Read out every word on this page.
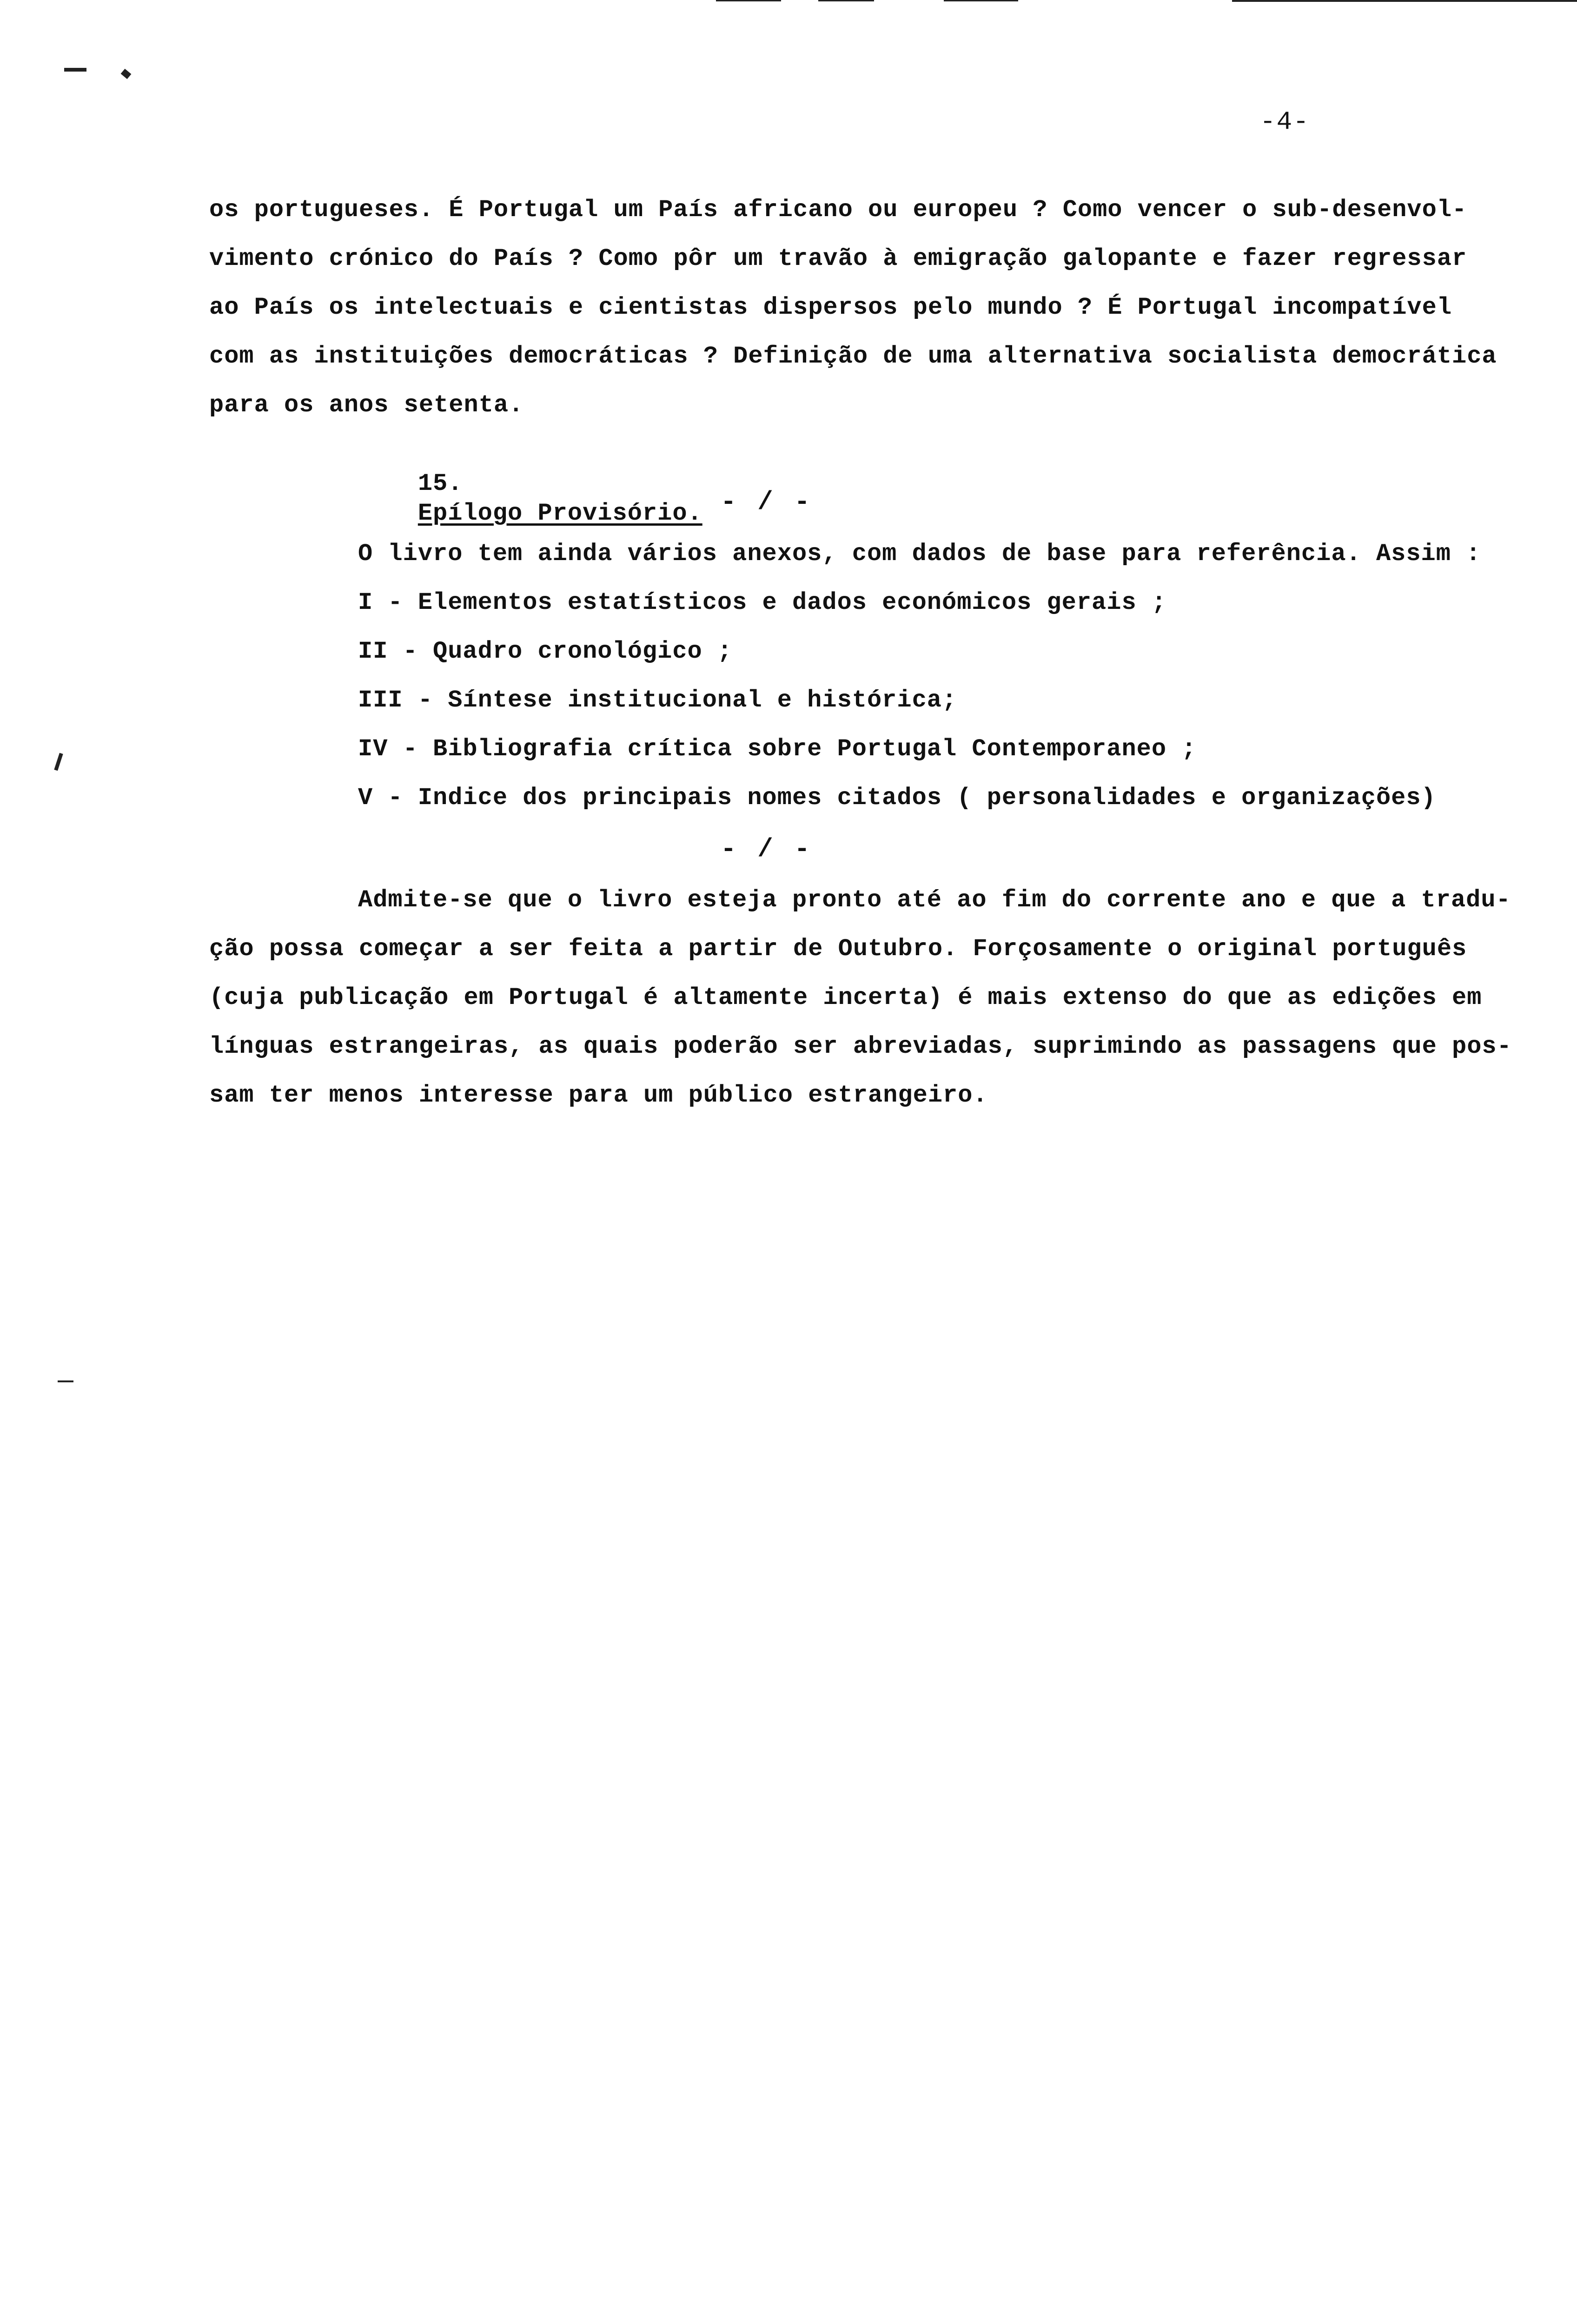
-4-
os portugueses. É Portugal um País africano ou europeu ? Como vencer o sub-desenvol-
vimento crónico do País ? Como pôr um travão à emigração galopante e fazer regressar
ao País os intelectuais e cientistas dispersos pelo mundo ? É Portugal incompatível
com as instituições democráticas ? Definição de uma alternativa socialista democrática
para os anos setenta.

15.
Epílogo Provisório.
- / -
O livro tem ainda vários anexos, com dados de base para referência. Assim :
I - Elementos estatísticos e dados económicos gerais ;
II - Quadro cronológico ;
III - Síntese institucional e histórica;
IV - Bibliografia crítica sobre Portugal Contemporaneo ;
V - Indice dos principais nomes citados ( personalidades e organizações)
- / -
Admite-se que o livro esteja pronto até ao fim do corrente ano e que a tradu-
ção possa começar a ser feita a partir de Outubro. Forçosamente o original português
(cuja publicação em Portugal é altamente incerta) é mais extenso do que as edições em
línguas estrangeiras, as quais poderão ser abreviadas, suprimindo as passagens que pos-
sam ter menos interesse para um público estrangeiro.
